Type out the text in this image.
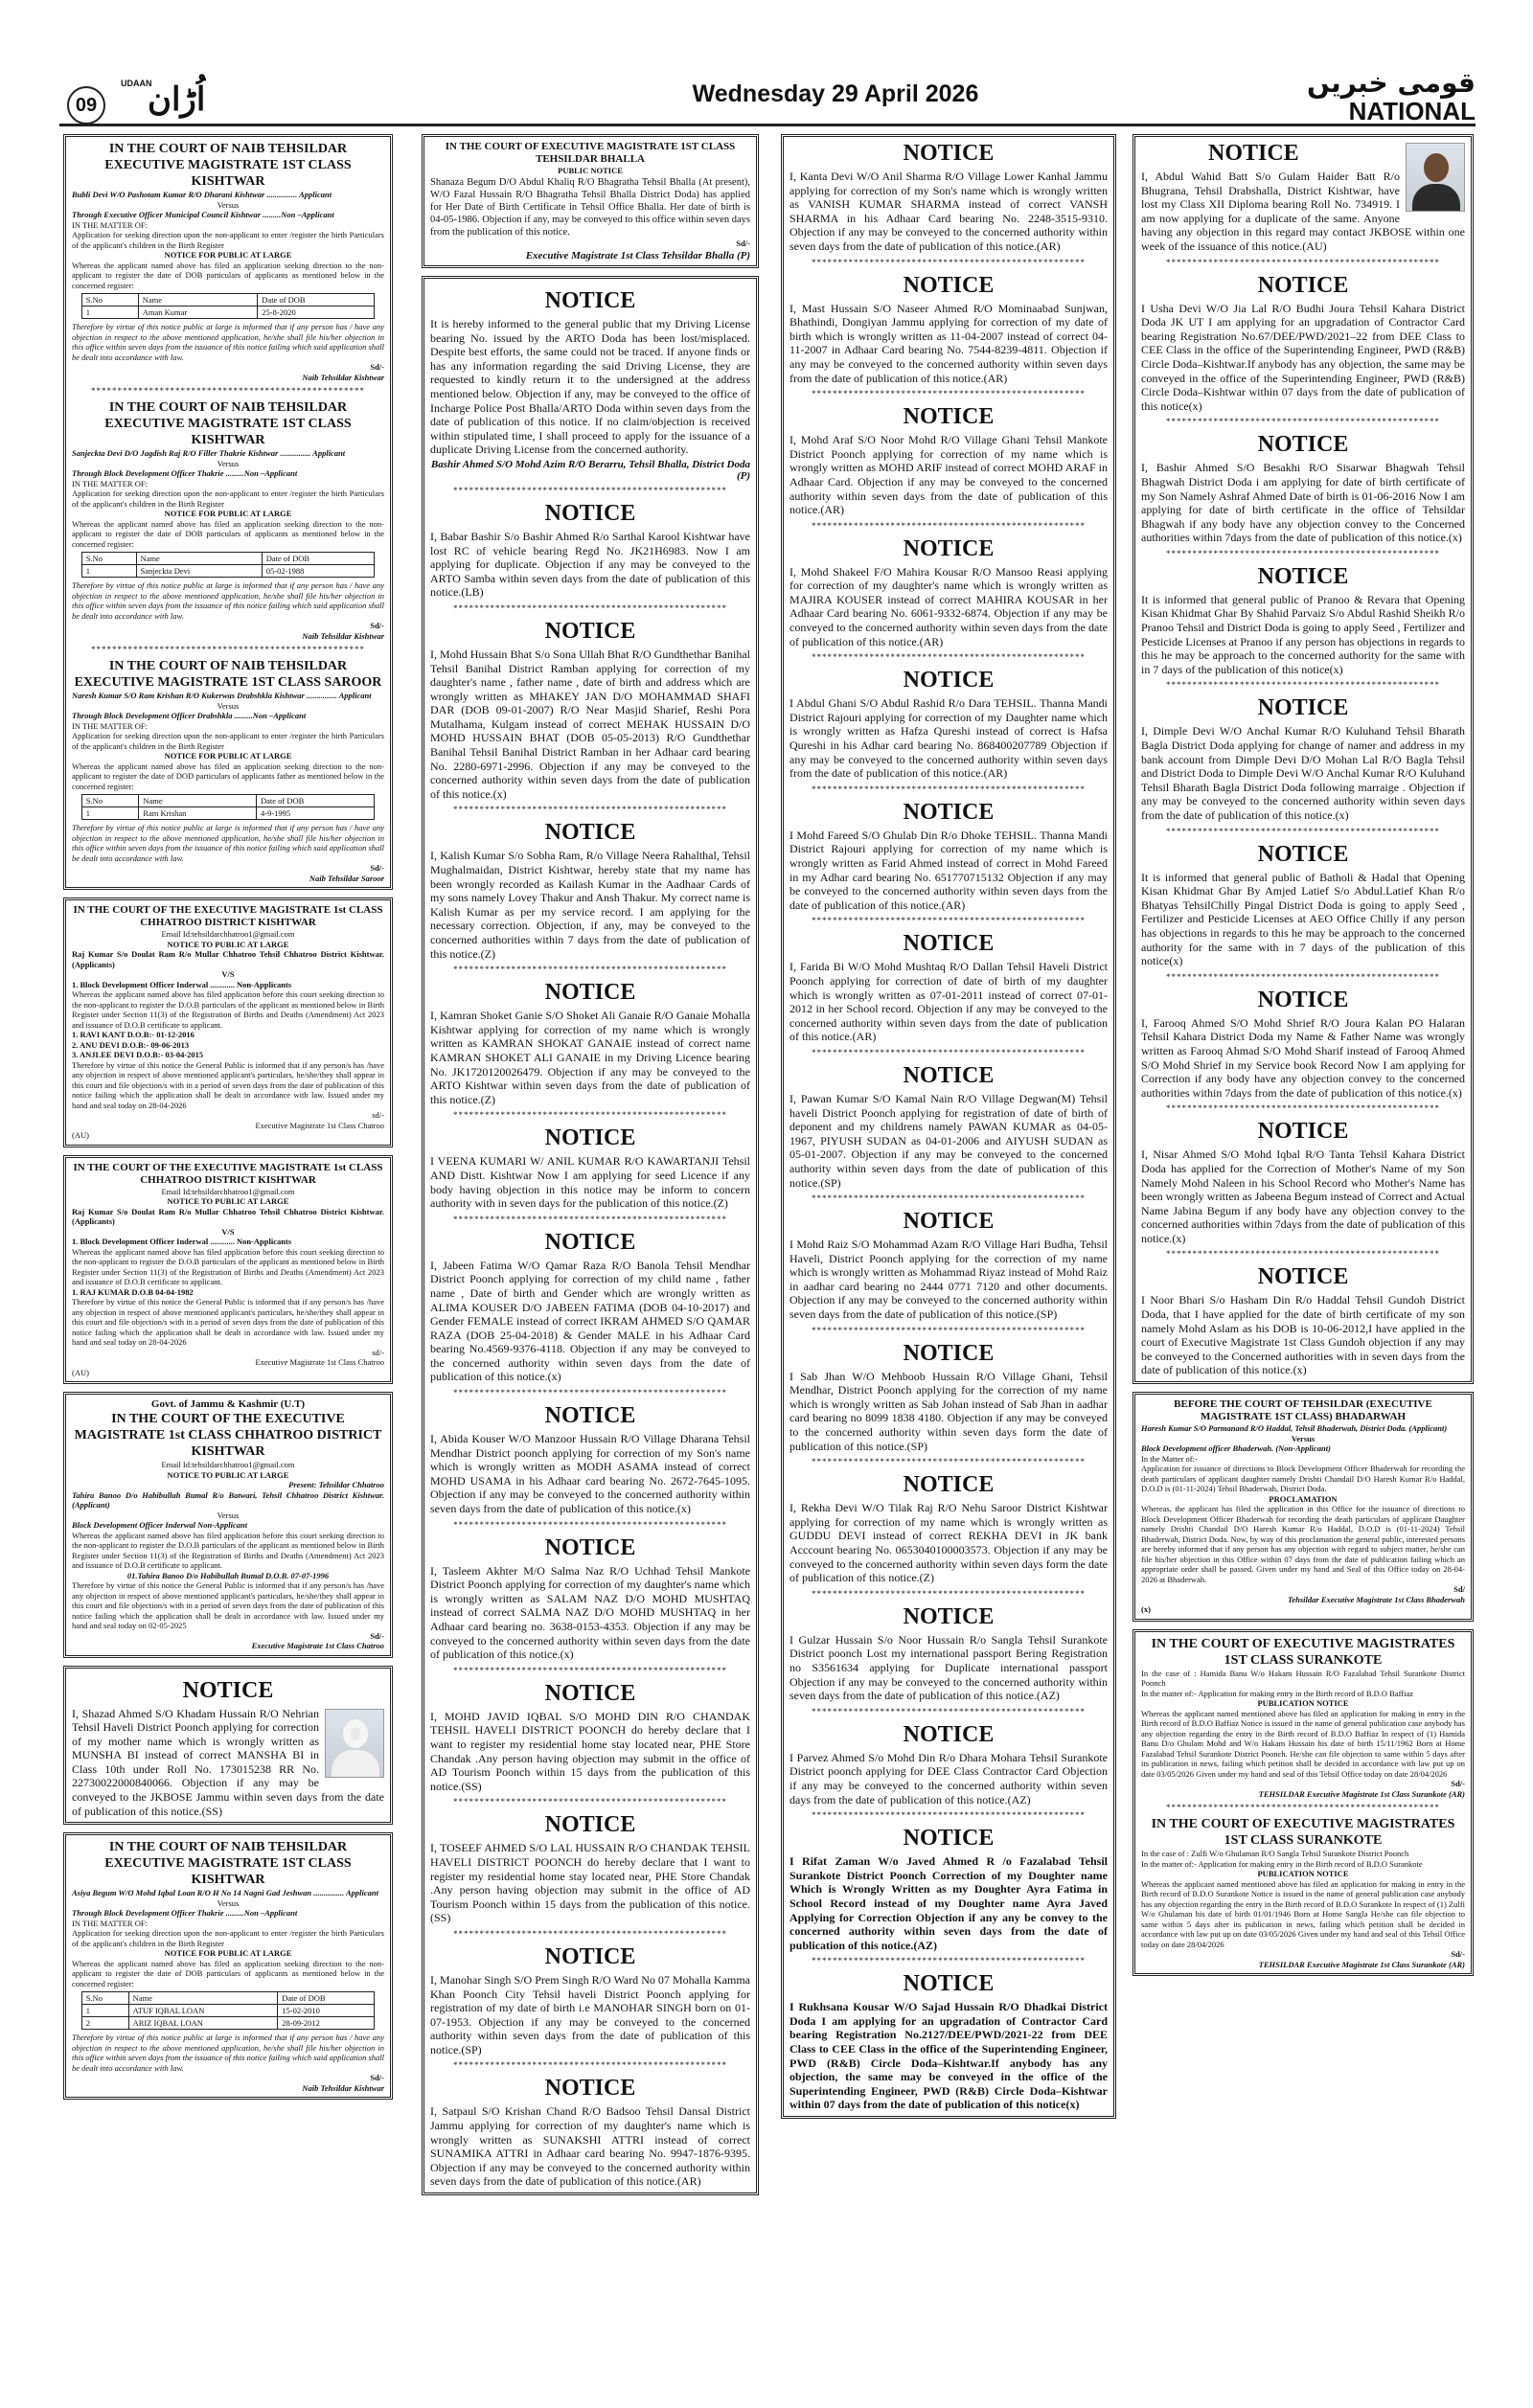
09
UDAAN
اُڑان	Wednesday 29 April 2026	قومی خبریں
NATIONAL
IN THE COURT OF NAIB TEHSILDAR EXECUTIVE MAGISTRATE 1ST CLASS KISHTWAR
Bubli Devi W/O Pashotam Kumar R/O Dharani Kishtwar ............... Applicant
Versus
Through Executive Officer Municipal Council Kishtwar .........Non –Applicant
IN THE MATTER OF:
Application for seeking direction upon the non-applicant to enter /register the birth Particulars of the applicant's children in the Birth Register
NOTICE FOR PUBLIC AT LARGE
Whereas the applicant named above has filed an application seeking direction to the non-applicant to register the date of DOB particulars of applicants as mentioned below in the concerned register:
S.No	Name	Date of DOB
1	Aman Kumar	25-8-2020
Therefore by virtue of this notice public at large is informed that if any person has / have any objection in respect to the above mentioned application, he/she shall file his/her objection in this office within seven days from the issuance of this notice failing which said application shall be dealt into accordance with law.
Sd/-
Naib Tehsildar Kishtwar
****************************************************
IN THE COURT OF NAIB TEHSILDAR EXECUTIVE MAGISTRATE 1ST CLASS KISHTWAR
Sanjeckta Devi D/O Jagdish Raj R/O Filler Thakrie Kishtwar ............... Applicant
Versus
Through Block Development Officer Thakrie .........Non –Applicant
IN THE MATTER OF:
Application for seeking direction upon the non-applicant to enter /register the birth Particulars of the applicant's children in the Birth Register
NOTICE FOR PUBLIC AT LARGE
Whereas the applicant named above has filed an application seeking direction to the non-applicant to register the date of DOB particulars of applicants as mentioned below in the concerned register:
S.No	Name	Date of DOB
1	Sanjeckta Devi	05-02-1988
Therefore by virtue of this notice public at large is informed that if any person has / have any objection in respect to the above mentioned application, he/she shall file his/her objection in this office within seven days from the issuance of this notice failing which said application shall be dealt into accordance with law.
Sd/-
Naib Tehsildar Kishtwar
****************************************************
IN THE COURT OF NAIB TEHSILDAR EXECUTIVE MAGISTRATE 1ST CLASS SAROOR
Naresh Kumar S/O Ram Krishan R/O Kukerwas Drabshkla Kishtwar ............... Applicant
Versus
Through Block Development Officer Drabshkla .........Non –Applicant
IN THE MATTER OF:
Application for seeking direction upon the non-applicant to enter /register the birth Particulars of the applicant's children in the Birth Register
NOTICE FOR PUBLIC AT LARGE
Whereas the applicant named above has filed an application seeking direction to the non-applicant to register the date of DOD particulars of applicants father as mentioned below in the concerned register:
S.No	Name	Date of DOB
1	Ram Krishan	4-9-1995
Therefore by virtue of this notice public at large is informed that if any person has / have any objection in respect to the above mentioned application, he/she shall file his/her objection in this office within seven days from the issuance of this notice failing which said application shall be dealt into accordance with law.
Sd/-
Naib Tehsildar Saroor
IN THE COURT OF THE EXECUTIVE MAGISTRATE 1st CLASS CHHATROO DISTRICT KISHTWAR
Email Id:tehsildarchhatroo1@gmail.com
NOTICE TO PUBLIC AT LARGE
Raj Kumar S/o Doulat Ram R/o Mullar Chhatroo Tehsil Chhatroo District Kishtwar. (Applicants)
V/S
1. Block Development Officer Inderwal ............ Non-Applicants
Whereas the applicant named above has filed application before this court seeking direction to the non-applicant to register the D.O.B particulars of the applicant as mentioned below in Birth Register under Section 11(3) of the Registration of Births and Deaths (Amendment) Act 2023 and issuance of D.O.B certificate to applicant.
1. RAVI KANT D.O.B:- 01-12-2016
2. ANU DEVI D.O.B:- 09-06-2013
3. ANJLEE DEVI D.O.B:- 03-04-2015
Therefore by virtue of this notice the General Public is informed that if any person/s has /have any objection in respect of above mentioned applicant's particulars, he/she/they shall appear in this court and file objection/s with in a period of seven days from the date of publication of this notice failing which the application shall be dealt in accordance with law. Issued under my hand and seal today on 28-04-2026
sd/-
Executive Magistrate 1st Class Chatroo
(AU)
IN THE COURT OF THE EXECUTIVE MAGISTRATE 1st CLASS CHHATROO DISTRICT KISHTWAR
Email Id:tehsildarchhatroo1@gmail.com
NOTICE TO PUBLIC AT LARGE
Raj Kumar S/o Doulat Ram R/o Mullar Chhatroo Tehsil Chhatroo District Kishtwar. (Applicants)
V/S
1. Block Development Officer Inderwal ............ Non-Applicants
Whereas the applicant named above has filed application before this court seeking direction to the non-applicant to register the D.O.B particulars of the applicant as mentioned below in Birth Register under Section 11(3) of the Registration of Births and Deaths (Amendment) Act 2023 and issuance of D.O.B certificate to applicant.
1. RAJ KUMAR D.O.B 04-04-1982
Therefore by virtue of this notice the General Public is informed that if any person/s has /have any objection in respect of above mentioned applicant's particulars, he/she/they shall appear in this court and file objection/s with in a period of seven days from the date of publication of this notice failing which the application shall be dealt in accordance with law. Issued under my hand and seal today on 28-04-2026
sd/-
Executive Magistrate 1st Class Chatroo
(AU)
Govt. of Jammu & Kashmir (U.T)
IN THE COURT OF THE EXECUTIVE MAGISTRATE 1st CLASS CHHATROO DISTRICT KISHTWAR
Email Id:tehsildarchhatroo1@gmail.com
NOTICE TO PUBLIC AT LARGE
Present: Tehsildar Chhatroo
Tahira Banoo D/o Habibullah Bumal R/o Batwari, Tehsil Chhatroo District Kishtwar. (Applicant)
Versus
Block Development Officer Inderwal Non-Applicant
Whereas the applicant named above has filed application before this court seeking direction to the non-applicant to register the D.O.B particulars of the applicant as mentioned below in Birth Register under Section 11(3) of the Registration of Births and Deaths (Amendment) Act 2023 and issuance of D.O.B certificate to applicant.
01.Tahira Banoo D/o Habibullah Bumal D.O.B. 07-07-1996
Therefore by virtue of this notice the General Public is informed that if any person/s has /have any objection in respect of above mentioned applicant's particulars, he/she/they shall appear in this court and file objection/s with in a period of seven days from the date of publication of this notice failing which the application shall be dealt in accordance with law. Issued under my hand and seal today on 02-05-2025
Sd/-
Executive Magistrate 1st Class Chatroo
NOTICE
I, Shazad Ahmed S/O Khadam Hussain R/O Nehrian Tehsil Haveli District Poonch applying for correction of my mother name which is wrongly written as MUNSHA BI instead of correct MANSHA BI in Class 10th under Roll No. 173015238 RR No. 22730022000840066. Objection if any may be conveyed to the JKBOSE Jammu within seven days from the date of publication of this notice.(SS)
IN THE COURT OF NAIB TEHSILDAR EXECUTIVE MAGISTRATE 1ST CLASS KISHTWAR
Asiya Begum W/O Mohd Iqbal Loan R/O H No 14 Nagni Gad Jeshwan ............... Applicant
Versus
Through Block Development Officer Thakrie .........Non –Applicant
IN THE MATTER OF:
Application for seeking direction upon the non-applicant to enter /register the birth Particulars of the applicant's children in the Birth Register
NOTICE FOR PUBLIC AT LARGE
Whereas the applicant named above has filed an application seeking direction to the non-applicant to register the date of DOB particulars of applicants as mentioned below in the concerned register:
S.No	Name	Date of DOB
1	ATUF IQBAL LOAN	15-02-2010
2	ARIZ IQBAL LOAN	28-09-2012
Therefore by virtue of this notice public at large is informed that if any person has / have any objection in respect to the above mentioned application, he/she shall file his/her objection in this office within seven days from the issuance of this notice failing which said application shall be dealt into accordance with law.
Sd/-
Naib Tehsildar Kishtwar
IN THE COURT OF EXECUTIVE MAGISTRATE 1ST CLASS TEHSILDAR BHALLA
PUBLIC NOTICE
Shanaza Begum D/O Abdul Khaliq R/O Bhagratha Tehsil Bhalla (At present), W/O Fazal Hussain R/O Bhagratha Tehsil Bhalla District Doda) has applied for Her Date of Birth Certificate in Tehsil Office Bhalla. Her date of birth is 04-05-1986. Objection if any, may be conveyed to this office within seven days from the publication of this notice.
Sd/-
Executive Magistrate 1st Class Tehsildar Bhalla (P)
NOTICE
It is hereby informed to the general public that my Driving License bearing No. issued by the ARTO Doda has been lost/misplaced. Despite best efforts, the same could not be traced. If anyone finds or has any information regarding the said Driving License, they are requested to kindly return it to the undersigned at the address mentioned below. Objection if any, may be conveyed to the office of Incharge Police Post Bhalla/ARTO Doda within seven days from the date of publication of this notice. If no claim/objection is received within stipulated time, I shall proceed to apply for the issuance of a duplicate Driving License from the concerned authority.
Bashir Ahmed S/O Mohd Azim R/O Berarru, Tehsil Bhalla, District Doda (P)
****************************************************
NOTICE
I, Babar Bashir S/o Bashir Ahmed R/o Sarthal Karool Kishtwar have lost RC of vehicle bearing Regd No. JK21H6983. Now I am applying for duplicate. Objection if any may be conveyed to the ARTO Samba within seven days from the date of publication of this notice.(LB)
****************************************************
NOTICE
I, Mohd Hussain Bhat S/o Sona Ullah Bhat R/O Gundthethar Banihal Tehsil Banihal District Ramban applying for correction of my daughter's name , father name , date of birth and address which are wrongly written as MHAKEY JAN D/O MOHAMMAD SHAFI DAR (DOB 09-01-2007) R/O Near Masjid Sharief, Reshi Pora Mutalhama, Kulgam instead of correct MEHAK HUSSAIN D/O MOHD HUSSAIN BHAT (DOB 05-05-2013) R/O Gundthethar Banihal Tehsil Banihal District Ramban in her Adhaar card bearing No. 2280-6971-2996. Objection if any may be conveyed to the concerned authority within seven days from the date of publication of this notice.(x)
****************************************************
NOTICE
I, Kalish Kumar S/o Sobha Ram, R/o Village Neera Rahalthal, Tehsil Mughalmaidan, District Kishtwar, hereby state that my name has been wrongly recorded as Kailash Kumar in the Aadhaar Cards of my sons namely Lovey Thakur and Ansh Thakur. My correct name is Kalish Kumar as per my service record. I am applying for the necessary correction. Objection, if any, may be conveyed to the concerned authorities within 7 days from the date of publication of this notice.(Z)
****************************************************
NOTICE
I, Kamran Shoket Ganie S/O Shoket Ali Ganaie R/O Ganaie Mohalla Kishtwar applying for correction of my name which is wrongly written as KAMRAN SHOKAT GANAIE instead of correct name KAMRAN SHOKET ALI GANAIE in my Driving Licence bearing No. JK1720120026479. Objection if any may be conveyed to the ARTO Kishtwar within seven days from the date of publication of this notice.(Z)
****************************************************
NOTICE
I VEENA KUMARI W/ ANIL KUMAR R/O KAWARTANJI Tehsil AND Distt. Kishtwar Now I am applying for seed Licence if any body having objection in this notice may be inform to concern authority with in seven days for the publication of this notice.(Z)
****************************************************
NOTICE
I, Jabeen Fatima W/O Qamar Raza R/O Banola Tehsil Mendhar District Poonch applying for correction of my child name , father name , Date of birth and Gender which are wrongly written as ALIMA KOUSER D/O JABEEN FATIMA (DOB 04-10-2017) and Gender FEMALE instead of correct IKRAM AHMED S/O QAMAR RAZA (DOB 25-04-2018) & Gender MALE in his Adhaar Card bearing No.4569-9376-4118. Objection if any may be conveyed to the concerned authority within seven days from the date of publication of this notice.(x)
****************************************************
NOTICE
I, Abida Kouser W/O Manzoor Hussain R/O Village Dharana Tehsil Mendhar District poonch applying for correction of my Son's name which is wrongly written as MODH ASAMA instead of correct MOHD USAMA in his Adhaar card bearing No. 2672-7645-1095. Objection if any may be conveyed to the concerned authority within seven days from the date of publication of this notice.(x)
****************************************************
NOTICE
I, Tasleem Akhter M/O Salma Naz R/O Uchhad Tehsil Mankote District Poonch applying for correction of my daughter's name which is wrongly written as SALAM NAZ D/O MOHD MUSHTAQ instead of correct SALMA NAZ D/O MOHD MUSHTAQ in her Adhaar card bearing no. 3638-0153-4353. Objection if any may be conveyed to the concerned authority within seven days from the date of publication of this notice.(x)
****************************************************
NOTICE
I, MOHD JAVID IQBAL S/O MOHD DIN R/O CHANDAK TEHSIL HAVELI DISTRICT POONCH do hereby declare that I want to register my residential home stay located near, PHE Store Chandak .Any person having objection may submit in the office of AD Tourism Poonch within 15 days from the publication of this notice.(SS)
****************************************************
NOTICE
I, TOSEEF AHMED S/O LAL HUSSAIN R/O CHANDAK TEHSIL HAVELI DISTRICT POONCH do hereby declare that I want to register my residential home stay located near, PHE Store Chandak .Any person having objection may submit in the office of AD Tourism Poonch within 15 days from the publication of this notice.(SS)
****************************************************
NOTICE
I, Manohar Singh S/O Prem Singh R/O Ward No 07 Mohalla Kamma Khan Poonch City Tehsil haveli District Poonch applying for registration of my date of birth i.e MANOHAR SINGH born on 01-07-1953. Objection if any may be conveyed to the concerned authority within seven days from the date of publication of this notice.(SP)
****************************************************
NOTICE
I, Satpaul S/O Krishan Chand R/O Badsoo Tehsil Dansal District Jammu applying for correction of my daughter's name which is wrongly written as SUNAKSHI ATTRI instead of correct SUNAMIKA ATTRI in Adhaar card bearing No. 9947-1876-9395. Objection if any may be conveyed to the concerned authority within seven days from the date of publication of this notice.(AR)
NOTICE
I, Kanta Devi W/O Anil Sharma R/O Village Lower Kanhal Jammu applying for correction of my Son's name which is wrongly written as VANISH KUMAR SHARMA instead of correct VANSH SHARMA in his Adhaar Card bearing No. 2248-3515-9310. Objection if any may be conveyed to the concerned authority within seven days from the date of publication of this notice.(AR)
****************************************************
NOTICE
I, Mast Hussain S/O Naseer Ahmed R/O Mominaabad Sunjwan, Bhathindi, Dongiyan Jammu applying for correction of my date of birth which is wrongly written as 11-04-2007 instead of correct 04-11-2007 in Adhaar Card bearing No. 7544-8239-4811. Objection if any may be conveyed to the concerned authority within seven days from the date of publication of this notice.(AR)
****************************************************
NOTICE
I, Mohd Araf S/O Noor Mohd R/O Village Ghani Tehsil Mankote District Poonch applying for correction of my name which is wrongly written as MOHD ARIF instead of correct MOHD ARAF in Adhaar Card. Objection if any may be conveyed to the concerned authority within seven days from the date of publication of this notice.(AR)
****************************************************
NOTICE
I, Mohd Shakeel F/O Mahira Kousar R/O Mansoo Reasi applying for correction of my daughter's name which is wrongly written as MAJIRA KOUSER instead of correct MAHIRA KOUSAR in her Adhaar Card bearing No. 6061-9332-6874. Objection if any may be conveyed to the concerned authority within seven days from the date of publication of this notice.(AR)
****************************************************
NOTICE
I Abdul Ghani S/O Abdul Rashid R/o Dara TEHSIL. Thanna Mandi District Rajouri applying for correction of my Daughter name which is wrongly written as Hafza Qureshi instead of correct is Hafsa Qureshi in his Adhar card bearing No. 868400207789 Objection if any may be conveyed to the concerned authority within seven days from the date of publication of this notice.(AR)
****************************************************
NOTICE
I Mohd Fareed S/O Ghulab Din R/o Dhoke TEHSIL. Thanna Mandi District Rajouri applying for correction of my name which is wrongly written as Farid Ahmed instead of correct in Mohd Fareed in my Adhar card bearing No. 651770715132 Objection if any may be conveyed to the concerned authority within seven days from the date of publication of this notice.(AR)
****************************************************
NOTICE
I, Farida Bi W/O Mohd Mushtaq R/O Dallan Tehsil Haveli District Poonch applying for correction of date of birth of my daughter which is wrongly written as 07-01-2011 instead of correct 07-01-2012 in her School record. Objection if any may be conveyed to the concerned authority within seven days from the date of publication of this notice.(AR)
****************************************************
NOTICE
I, Pawan Kumar S/O Kamal Nain R/O Village Degwan(M) Tehsil haveli District Poonch applying for registration of date of birth of deponent and my childrens namely PAWAN KUMAR as 04-05-1967, PIYUSH SUDAN as 04-01-2006 and AIYUSH SUDAN as 05-01-2007. Objection if any may be conveyed to the concerned authority within seven days from the date of publication of this notice.(SP)
****************************************************
NOTICE
I Mohd Raiz S/O Mohammad Azam R/O Village Hari Budha, Tehsil Haveli, District Poonch applying for the correction of my name which is wrongly written as Mohammad Riyaz instead of Mohd Raiz in aadhar card bearing no 2444 0771 7120 and other documents. Objection if any may be conveyed to the concerned authority within seven days from the date of publication of this notice.(SP)
****************************************************
NOTICE
I Sab Jhan W/O Mehboob Hussain R/O Village Ghani, Tehsil Mendhar, District Poonch applying for the correction of my name which is wrongly written as Sab Johan instead of Sab Jhan in aadhar card bearing no 8099 1838 4180. Objection if any may be conveyed to the concerned authority within seven days form the date of publication of this notice.(SP)
****************************************************
NOTICE
I, Rekha Devi W/O Tilak Raj R/O Nehu Saroor District Kishtwar applying for correction of my name which is wrongly written as GUDDU DEVI instead of correct REKHA DEVI in JK bank Acccount bearing No. 0653040100003573. Objection if any may be conveyed to the concerned authority within seven days form the date of publication of this notice.(Z)
****************************************************
NOTICE
I Gulzar Hussain S/o Noor Hussain R/o Sangla Tehsil Surankote District poonch Lost my international passport Bering Registration no S3561634 applying for Duplicate international passport Objection if any may be conveyed to the concerned authority within seven days from the date of publication of this notice.(AZ)
****************************************************
NOTICE
I Parvez Ahmed S/o Mohd Din R/o Dhara Mohara Tehsil Surankote District poonch applying for DEE Class Contractor Card Objection if any may be conveyed to the concerned authority within seven days from the date of publication of this notice.(AZ)
****************************************************
NOTICE
I Rifat Zaman W/o Javed Ahmed R /o Fazalabad Tehsil Surankote District Poonch Correction of my Doughter name Which is Wrongly Written as my Doughter Ayra Fatima in School Record instead of my Doughter name Ayra Javed Applying for Correction Objection if any any be convey to the concerned authority within seven days from the date of publication of this notice.(AZ)
****************************************************
NOTICE
I Rukhsana Kousar W/O Sajad Hussain R/O Dhadkai District Doda I am applying for an upgradation of Contractor Card bearing Registration No.2127/DEE/PWD/2021-22 from DEE Class to CEE Class in the office of the Superintending Engineer, PWD (R&B) Circle Doda–Kishtwar.If anybody has any objection, the same may be conveyed in the office of the Superintending Engineer, PWD (R&B) Circle Doda–Kishtwar within 07 days from the date of publication of this notice(x)
NOTICE
I, Abdul Wahid Batt S/o Gulam Haider Batt R/o Bhugrana, Tehsil Drabshalla, District Kishtwar, have lost my Class XII Diploma bearing Roll No. 734919. I am now applying for a duplicate of the same. Anyone having any objection in this regard may contact JKBOSE within one week of the issuance of this notice.(AU)
****************************************************
NOTICE
I Usha Devi W/O Jia Lal R/O Budhi Joura Tehsil Kahara District Doda JK UT I am applying for an upgradation of Contractor Card bearing Registration No.67/DEE/PWD/2021–22 from DEE Class to CEE Class in the office of the Superintending Engineer, PWD (R&B) Circle Doda–Kishtwar.If anybody has any objection, the same may be conveyed in the office of the Superintending Engineer, PWD (R&B) Circle Doda–Kishtwar within 07 days from the date of publication of this notice(x)
****************************************************
NOTICE
I, Bashir Ahmed S/O Besakhi R/O Sisarwar Bhagwah Tehsil Bhagwah District Doda i am applying for date of birth certificate of my Son Namely Ashraf Ahmed Date of birth is 01-06-2016 Now I am applying for date of birth certificate in the office of Tehsildar Bhagwah if any body have any objection convey to the Concerned authorities within 7days from the date of publication of this notice.(x)
****************************************************
NOTICE
It is informed that general public of Pranoo & Revara that Opening Kisan Khidmat Ghar By Shahid Parvaiz S/o Abdul Rashid Sheikh R/o Pranoo Tehsil and District Doda is going to apply Seed , Fertilizer and Pesticide Licenses at Pranoo if any person has objections in regards to this he may be approach to the concerned authority for the same with in 7 days of the publication of this notice(x)
****************************************************
NOTICE
I, Dimple Devi W/O Anchal Kumar R/O Kuluhand Tehsil Bharath Bagla District Doda applying for change of namer and address in my bank account from Dimple Devi D/O Mohan Lal R/O Bagla Tehsil and District Doda to Dimple Devi W/O Anchal Kumar R/O Kuluhand Tehsil Bharath Bagla District Doda following marraige . Objection if any may be conveyed to the concerned authority within seven days from the date of publication of this notice.(x)
****************************************************
NOTICE
It is informed that general public of Batholi & Hadal that Opening Kisan Khidmat Ghar By Amjed Latief S/o Abdul.Latief Khan R/o Bhatyas TehsilChilly Pingal District Doda is going to apply Seed , Fertilizer and Pesticide Licenses at AEO Office Chilly if any person has objections in regards to this he may be approach to the concerned authority for the same with in 7 days of the publication of this notice(x)
****************************************************
NOTICE
I, Farooq Ahmed S/O Mohd Shrief R/O Joura Kalan PO Halaran Tehsil Kahara District Doda my Name & Father Name was wrongly written as Farooq Ahmad S/O Mohd Sharif instead of Farooq Ahmed S/O Mohd Shrief in my Service book Record Now I am applying for Correction if any body have any objection convey to the concerned authorities within 7days from the date of publication of this notice.(x)
****************************************************
NOTICE
I, Nisar Ahmed S/O Mohd Iqbal R/O Tanta Tehsil Kahara District Doda has applied for the Correction of Mother's Name of my Son Namely Mohd Naleen in his School Record who Mother's Name has been wrongly written as Jabeena Begum instead of Correct and Actual Name Jabina Begum if any body have any objection convey to the concerned authorities within 7days from the date of publication of this notice.(x)
****************************************************
NOTICE
I Noor Bhari S/o Hasham Din R/o Haddal Tehsil Gundoh District Doda, that I have applied for the date of birth certificate of my son namely Mohd Aslam as his DOB is 10-06-2012,I have applied in the court of Executive Magistrate 1st Class Gundoh objection if any may be conveyed to the Concerned authorities with in seven days from the date of publication of this notice.(x)
BEFORE THE COURT OF TEHSILDAR (EXECUTIVE MAGISTRATE 1ST CLASS) BHADARWAH
Haresh Kumar S/O Parmanand R/O Haddal, Tehsil Bhaderwah, District Doda. (Applicant)
Versus
Block Development officer Bhaderwah. (Non-Applicant)
In the Matter of:-
Application for issuance of directions to Block Development Officer Bhaderwah for recording the death particulars of applicant daughter namely Drishti Chandail D/O Haresh Kumar R/o Haddal, D.O.D is (01-11-2024) Tehsil Bhaderwah, District Doda.
PROCLAMATION
Whereas, the applicant has filed the application in this Office for the issuance of directions to Block Development Officer Bhaderwah for recording the death particulars of applicant Daughter namely Drishti Chandail D/O Haresh Kumar R/o Haddal, D.O.D is (01-11-2024) Tehsil Bhaderwah, District Doda. Now, by way of this proclamation the general public, interested persons are hereby informed that if any person has any objection with regard to subject matter, he/she can file his/her objection in this Office within 07 days from the date of publication failing which an appropriate order shall be passed. Given under my hand and Seal of this Office today on 28-04-2026 at Bhaderwah.
Sd/
Tehsildar Executive Magistrate 1st Class Bhaderwah
(x)
IN THE COURT OF EXECUTIVE MAGISTRATES 1ST CLASS SURANKOTE
In the case of : Hamida Banu W/o Hakam Hussain R/O Fazalabad Tehsil Surankote District Poonch
In the matter of:- Application for making entry in the Birth record of B.D.O Baffiaz
PUBLICATION NOTICE
Whereas the applicant named mentioned above has filed an application for making in entry in the Birth record of B.D.O Baffiaz Notice is issued in the name of general publication case anybody has any objection regarding the entry in the Birth record of B.D.O Baffiaz In respect of (1) Hamida Banu D/o Ghulam Mohd and W/o Hakam Hussain his date of birth 15/11/1962 Born at Home Fazalabad Tehsil Surankote District Poonch. He/she can file objection to same within 5 days after its publication in news, failing which petition shall be decided in accordance with law put up on date 03/05/2026 Given under my hand and seal of this Tehsil Office today on date 28/04/2026
Sd/-
TEHSILDAR Executive Magistrate 1st Class Surankote (AR)
****************************************************
IN THE COURT OF EXECUTIVE MAGISTRATES 1ST CLASS SURANKOTE
In the case of : Zulfi W/o Ghulaman R/O Sangla Tehsil Surankote District Poonch
In the matter of:- Application for making entry in the Birth record of B.D.O Surankote
PUBLICATION NOTICE
Whereas the applicant named mentioned above has filed an application for making in entry in the Birth record of B.D.O Surankote Notice is issued in the name of general publication case anybody has any objection regarding the entry in the Birth record of B.D.O Surankote In respect of (1) Zulfi W/o Ghulaman his date of birth 01/01/1946 Born at Home Sangla He/she can file objection to same within 5 days after its publication in news, failing which petition shall be decided in accordance with law put up on date 03/05/2026 Given under my hand and seal of this Tehsil Office today on date 28/04/2026
Sd/-
TEHSILDAR Executive Magistrate 1st Class Surankote (AR)
